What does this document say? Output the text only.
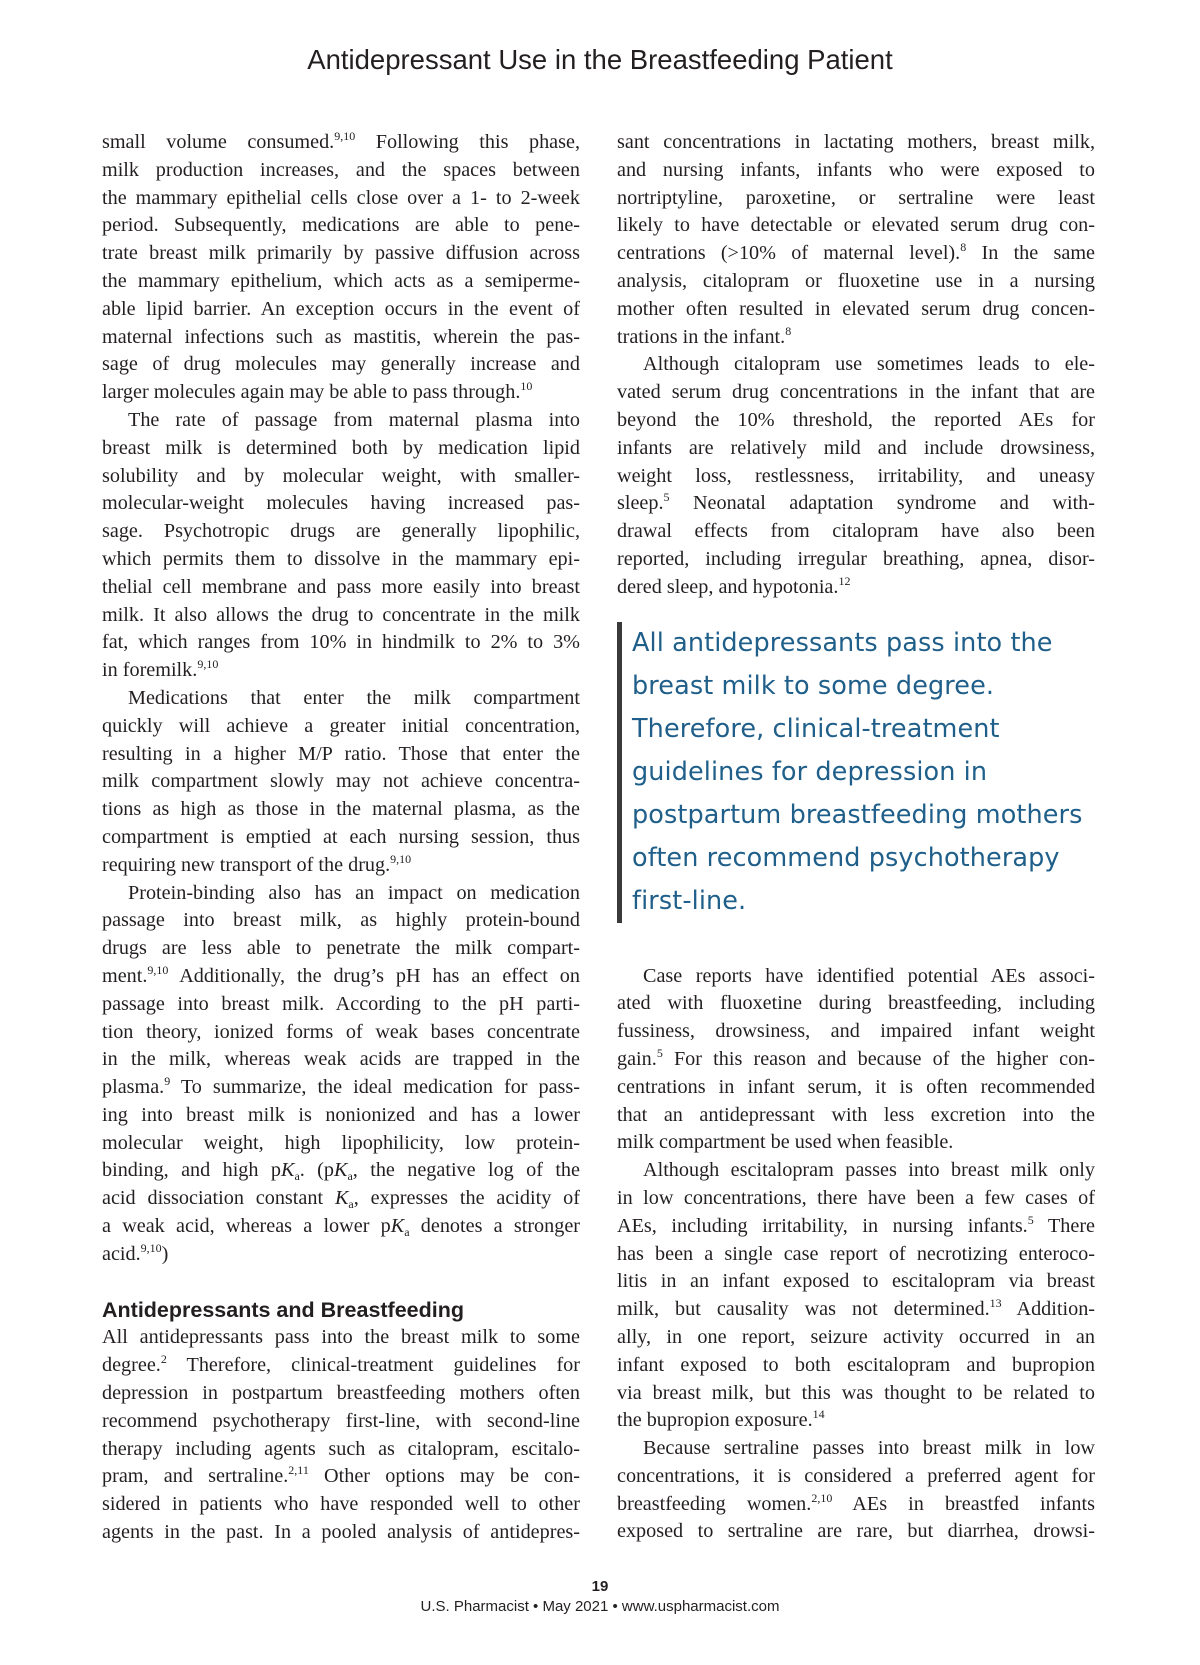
Antidepressant Use in the Breastfeeding Patient
small volume consumed.$^{9,10}$ Following this phase,
milk production increases, and the spaces between
the mammary epithelial cells close over a 1- to 2-week
period. Subsequently, medications are able to pene-
trate breast milk primarily by passive diffusion across
the mammary epithelium, which acts as a semiperme-
able lipid barrier. An exception occurs in the event of
maternal infections such as mastitis, wherein the pas-
sage of drug molecules may generally increase and
larger molecules again may be able to pass through.$^{10}$
The rate of passage from maternal plasma into
breast milk is determined both by medication lipid
solubility and by molecular weight, with smaller-
molecular-weight molecules having increased pas-
sage. Psychotropic drugs are generally lipophilic,
which permits them to dissolve in the mammary epi-
thelial cell membrane and pass more easily into breast
milk. It also allows the drug to concentrate in the milk
fat, which ranges from 10% in hindmilk to 2% to 3%
in foremilk.$^{9,10}$
Medications that enter the milk compartment
quickly will achieve a greater initial concentration,
resulting in a higher M/P ratio. Those that enter the
milk compartment slowly may not achieve concentra-
tions as high as those in the maternal plasma, as the
compartment is emptied at each nursing session, thus
requiring new transport of the drug.$^{9,10}$
Protein-binding also has an impact on medication
passage into breast milk, as highly protein-bound
drugs are less able to penetrate the milk compart-
ment.$^{9,10}$ Additionally, the drug’s pH has an effect on
passage into breast milk. According to the pH parti-
tion theory, ionized forms of weak bases concentrate
in the milk, whereas weak acids are trapped in the
plasma.$^9$ To summarize, the ideal medication for pass-
ing into breast milk is nonionized and has a lower
molecular weight, high lipophilicity, low protein-
binding, and high $pK_a$. ($pK_a$, the negative log of the
acid dissociation constant $K_a$, expresses the acidity of
a weak acid, whereas a lower $pK_a$ denotes a stronger
acid.$^{9,10}$)
Antidepressants and Breastfeeding
All antidepressants pass into the breast milk to some
degree.$^2$ Therefore, clinical-treatment guidelines for
depression in postpartum breastfeeding mothers often
recommend psychotherapy first-line, with second-line
therapy including agents such as citalopram, escitalo-
pram, and sertraline.$^{2,11}$ Other options may be con-
sidered in patients who have responded well to other
agents in the past. In a pooled analysis of antidepres-
sant concentrations in lactating mothers, breast milk,
and nursing infants, infants who were exposed to
nortriptyline, paroxetine, or sertraline were least
likely to have detectable or elevated serum drug con-
centrations (>10% of maternal level).$^8$ In the same
analysis, citalopram or fluoxetine use in a nursing
mother often resulted in elevated serum drug concen-
trations in the infant.$^8$
Although citalopram use sometimes leads to ele-
vated serum drug concentrations in the infant that are
beyond the 10% threshold, the reported AEs for
infants are relatively mild and include drowsiness,
weight loss, restlessness, irritability, and uneasy
sleep.$^5$ Neonatal adaptation syndrome and with-
drawal effects from citalopram have also been
reported, including irregular breathing, apnea, disor-
dered sleep, and hypotonia.$^{12}$
All antidepressants pass into the
breast milk to some degree.
Therefore, clinical-treatment
guidelines for depression in
postpartum breastfeeding mothers
often recommend psychotherapy
first-line.
Case reports have identified potential AEs associ-
ated with fluoxetine during breastfeeding, including
fussiness, drowsiness, and impaired infant weight
gain.$^5$ For this reason and because of the higher con-
centrations in infant serum, it is often recommended
that an antidepressant with less excretion into the
milk compartment be used when feasible.
Although escitalopram passes into breast milk only
in low concentrations, there have been a few cases of
AEs, including irritability, in nursing infants.$^5$ There
has been a single case report of necrotizing enteroco-
litis in an infant exposed to escitalopram via breast
milk, but causality was not determined.$^{13}$ Addition-
ally, in one report, seizure activity occurred in an
infant exposed to both escitalopram and bupropion
via breast milk, but this was thought to be related to
the bupropion exposure.$^{14}$
Because sertraline passes into breast milk in low
concentrations, it is considered a preferred agent for
breastfeeding women.$^{2,10}$ AEs in breastfed infants
exposed to sertraline are rare, but diarrhea, drowsi-
19
U.S. Pharmacist • May 2021 • www.uspharmacist.com
